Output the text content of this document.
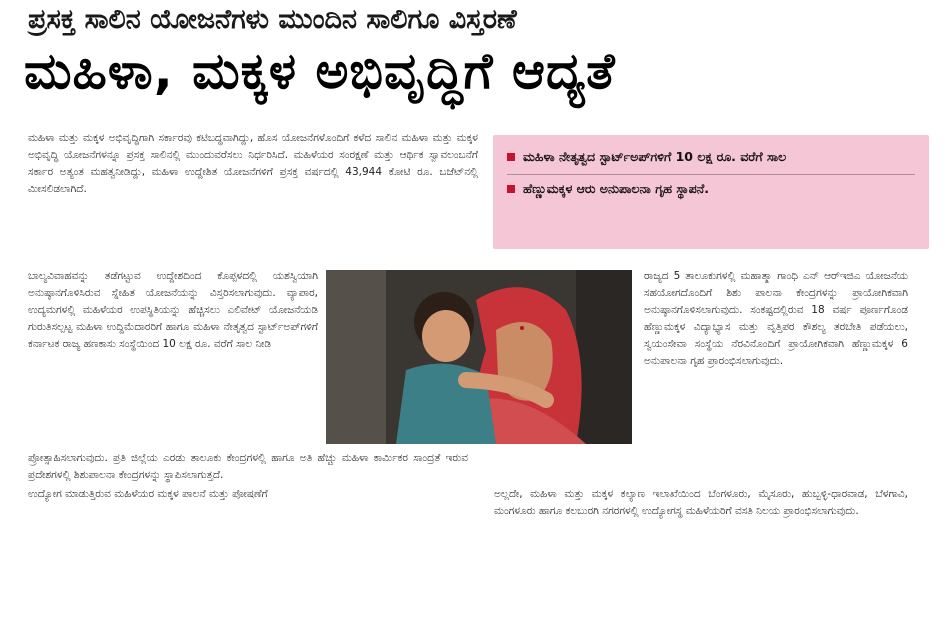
ಪ್ರಸಕ್ತ ಸಾಲಿನ ಯೋಜನೆಗಳು ಮುಂದಿನ ಸಾಲಿಗೂ ವಿಸ್ತರಣೆ
ಮಹಿಳಾ, ಮಕ್ಕಳ ಅಭಿವೃದ್ಧಿಗೆ ಆದ್ಯತೆ

ಮಹಿಳಾ ಮತ್ತು ಮಕ್ಕಳ ಅಭಿವೃದ್ಧಿಗಾಗಿ ಸರ್ಕಾರವು ಕಟಿಬದ್ಧವಾಗಿದ್ದು, ಹೊಸ ಯೋಜನೆಗಳೊಂದಿಗೆ ಕಳೆದ ಸಾಲಿನ ಮಹಿಳಾ ಮತ್ತು ಮಕ್ಕಳ ಅಭಿವೃದ್ಧಿ ಯೋಜನೆಗಳನ್ನೂ ಪ್ರಸಕ್ತ ಸಾಲಿನಲ್ಲಿ ಮುಂದುವರೆಸಲು ನಿರ್ಧರಿಸಿದೆ. ಮಹಿಳೆಯರ ಸಂರಕ್ಷಣೆ ಮತ್ತು ಆರ್ಥಿಕ ಸ್ವಾವಲಂಬನೆಗೆ ಸರ್ಕಾರ ಅತ್ಯಂತ ಮಹತ್ವನೀಡಿದ್ದು, ಮಹಿಳಾ ಉದ್ದೇಶಿತ ಯೋಜನೆಗಳಿಗೆ ಪ್ರಸಕ್ತ ವರ್ಷದಲ್ಲಿ 43,944 ಕೋಟಿ ರೂ. ಬಜೆಟ್‌ನಲ್ಲಿ ಮೀಸಲಿಡಲಾಗಿದೆ.

ಮಹಿಳಾ ನೇತೃತ್ವದ ಸ್ಟಾರ್ಟ್‌ಅಪ್‌ಗಳಿಗೆ 10 ಲಕ್ಷ ರೂ. ವರೆಗೆ ಸಾಲ
ಹೆಣ್ಣುಮಕ್ಕಳ ಆರು ಅನುಪಾಲನಾ ಗೃಹ ಸ್ಥಾಪನೆ.

ಬಾಲ್ಯವಿವಾಹವನ್ನು ತಡೆಗಟ್ಟುವ ಉದ್ದೇಶದಿಂದ ಕೊಪ್ಪಳದಲ್ಲಿ ಯಶಸ್ವಿಯಾಗಿ ಅನುಷ್ಠಾನಗೊಳಿಸಿರುವ ಸ್ನೇಹಿತ ಯೋಜನೆಯನ್ನು ವಿಸ್ತರಿಸಲಾಗುವುದು. ವ್ಯಾಪಾರ, ಉದ್ಯಮಗಳಲ್ಲಿ ಮಹಿಳೆಯರ ಉಪಸ್ಥಿತಿಯನ್ನು ಹೆಚ್ಚಿಸಲು ಎಲಿವೇಟ್ ಯೋಜನೆಯಡಿ ಗುರುತಿಸಲ್ಪಟ್ಟ ಮಹಿಳಾ ಉದ್ದಿಮೆದಾರರಿಗೆ ಹಾಗೂ ಮಹಿಳಾ ನೇತೃತ್ವದ ಸ್ಟಾರ್ಟ್‌ಅಪ್‌ಗಳಿಗೆ ಕರ್ನಾಟಕ ರಾಜ್ಯ ಹಣಕಾಸು ಸಂಸ್ಥೆಯಿಂದ 10 ಲಕ್ಷ ರೂ. ವರೆಗೆ ಸಾಲ ನೀಡಿ

ಪ್ರೋತ್ಸಾಹಿಸಲಾಗುವುದು. ಪ್ರತಿ ಜಿಲ್ಲೆಯ ಎರಡು ತಾಲೂಕು ಕೇಂದ್ರಗಳಲ್ಲಿ ಹಾಗೂ ಅತಿ ಹೆಚ್ಚು ಮಹಿಳಾ ಕಾರ್ಮಿಕರ ಸಾಂದ್ರತೆ ಇರುವ ಪ್ರದೇಶಗಳಲ್ಲಿ ಶಿಶುಪಾಲನಾ ಕೇಂದ್ರಗಳನ್ನು ಸ್ಥಾಪಿಸಲಾಗುತ್ತದೆ.

ಉದ್ಯೋಗ ಮಾಡುತ್ತಿರುವ ಮಹಿಳೆಯರ ಮಕ್ಕಳ ಪಾಲನೆ ಮತ್ತು ಪೋಷಣೆಗೆ

ರಾಜ್ಯದ 5 ತಾಲೂಕುಗಳಲ್ಲಿ ಮಹಾತ್ಮಾ ಗಾಂಧಿ ಎನ್ ಆರ್‌ಇಜಿಎ ಯೋಜನೆಯ ಸಹಯೋಗದೊಂದಿಗೆ ಶಿಶು ಪಾಲನಾ ಕೇಂದ್ರಗಳನ್ನು ಪ್ರಾಯೋಗಿಕವಾಗಿ ಅನುಷ್ಠಾನಗೊಳಿಸಲಾಗುವುದು. ಸಂಕಷ್ಟದಲ್ಲಿರುವ 18 ವರ್ಷ ಪೂರ್ಣಗೊಂಡ ಹೆಣ್ಣುಮಕ್ಕಳ ವಿದ್ಯಾಭ್ಯಾಸ ಮತ್ತು ವೃತ್ತಿಪರ ಕೌಶಲ್ಯ ತರಬೇತಿ ಪಡೆಯಲು, ಸ್ವಯಂಸೇವಾ ಸಂಸ್ಥೆಯ ನೆರವಿನೊಂದಿಗೆ ಪ್ರಾಯೋಗಿಕವಾಗಿ ಹೆಣ್ಣುಮಕ್ಕಳ 6 ಅನುಪಾಲನಾ ಗೃಹ ಪ್ರಾರಂಭಿಸಲಾಗುವುದು.

ಅಲ್ಲದೇ, ಮಹಿಳಾ ಮತ್ತು ಮಕ್ಕಳ ಕಲ್ಯಾಣ ಇಲಾಖೆಯಿಂದ ಬೆಂಗಳೂರು, ಮೈಸೂರು, ಹುಬ್ಬಳ್ಳಿ-ಧಾರವಾಡ, ಬೆಳಗಾವಿ, ಮಂಗಳೂರು ಹಾಗೂ ಕಲಬುರಗಿ ನಗರಗಳಲ್ಲಿ ಉದ್ಯೋಗಸ್ಥ ಮಹಿಳೆಯರಿಗೆ ವಸತಿ ನಿಲಯ ಪ್ರಾರಂಭಿಸಲಾಗುವುದು.
